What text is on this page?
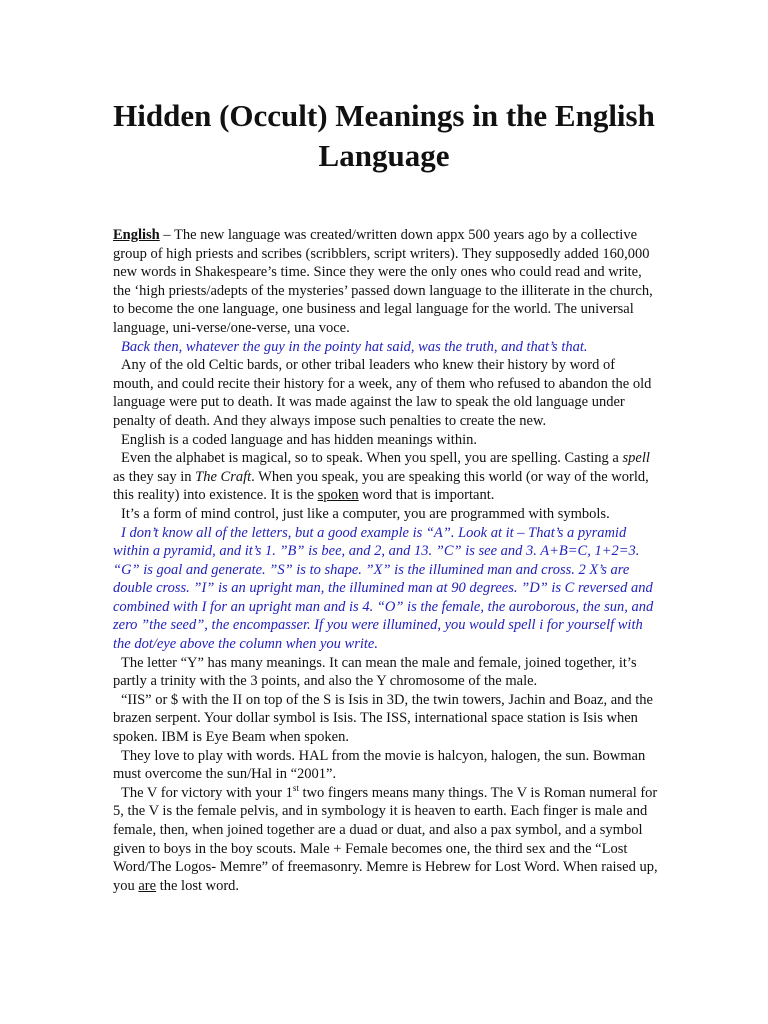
Hidden (Occult) Meanings in the English
Language

English – The new language was created/written down appx 500 years ago by a collective group of high priests and scribes (scribblers, script writers). They supposedly added 160,000 new words in Shakespeare’s time. Since they were the only ones who could read and write, the ‘high priests/adepts of the mysteries’ passed down language to the illiterate in the church, to become the one language, one business and legal language for the world. The universal language, uni-verse/one-verse, una voce.

Back then, whatever the guy in the pointy hat said, was the truth, and that’s that.

Any of the old Celtic bards, or other tribal leaders who knew their history by word of mouth, and could recite their history for a week, any of them who refused to abandon the old language were put to death. It was made against the law to speak the old language under penalty of death. And they always impose such penalties to create the new.

English is a coded language and has hidden meanings within.

Even the alphabet is magical, so to speak. When you spell, you are spelling. Casting a spell as they say in The Craft. When you speak, you are speaking this world (or way of the world, this reality) into existence. It is the spoken word that is important.

It’s a form of mind control, just like a computer, you are programmed with symbols.

I don’t know all of the letters, but a good example is “A”. Look at it – That’s a pyramid within a pyramid, and it’s 1. ”B” is bee, and 2, and 13. ”C” is see and 3. A+B=C, 1+2=3. “G” is goal and generate. ”S” is to shape. ”X” is the illumined man and cross. 2 X’s are double cross. ”I” is an upright man, the illumined man at 90 degrees. ”D” is C reversed and combined with I for an upright man and is 4. “O” is the female, the auroborous, the sun, and zero ”the seed”, the encompasser. If you were illumined, you would spell i for yourself with the dot/eye above the column when you write.

The letter “Y” has many meanings. It can mean the male and female, joined together, it’s partly a trinity with the 3 points, and also the Y chromosome of the male.

“IIS” or $ with the II on top of the S is Isis in 3D, the twin towers, Jachin and Boaz, and the brazen serpent. Your dollar symbol is Isis. The ISS, international space station is Isis when spoken. IBM is Eye Beam when spoken.

They love to play with words. HAL from the movie is halcyon, halogen, the sun. Bowman must overcome the sun/Hal in “2001”.

The V for victory with your 1st two fingers means many things. The V is Roman numeral for 5, the V is the female pelvis, and in symbology it is heaven to earth. Each finger is male and female, then, when joined together are a duad or duat, and also a pax symbol, and a symbol given to boys in the boy scouts. Male + Female becomes one, the third sex and the “Lost Word/The Logos- Memre” of freemasonry. Memre is Hebrew for Lost Word. When raised up, you are the lost word.
